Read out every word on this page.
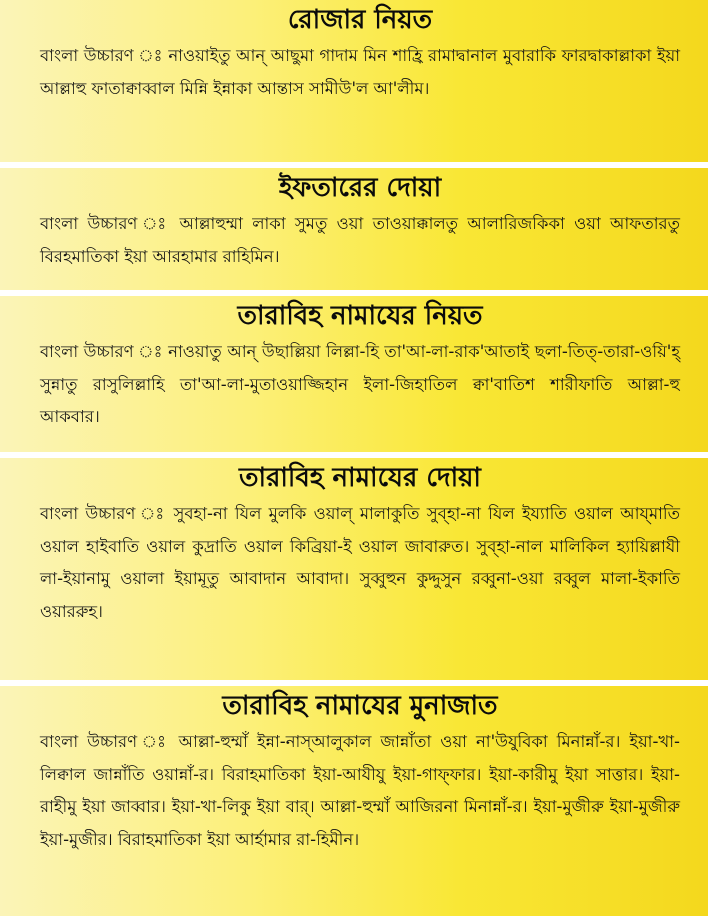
রোজার নিয়ত

বাংলা উচ্চারণ ঃ নাওয়াইতু আন্ আছুমা গাদাম মিন শাহ্রি রামাদ্বানাল মুবারাকি ফারদ্বাকাল্লাকা ইয়া আল্লাহু ফাতাক্বাব্বাল মিন্নি ইন্নাকা আন্তাস সামীউ'ল আ'লীম।

ইফতারের দোয়া

বাংলা উচ্চারণ ঃ আল্লাহুম্মা লাকা সুমতু ওয়া তাওয়াক্কালতু আলারিজকিকা ওয়া আফতারতু বিরহমাতিকা ইয়া আরহামার রাহিমিন।

তারাবিহ নামাযের নিয়ত

বাংলা উচ্চারণ ঃ নাওয়াতু আন্ উছাল্লিয়া লিল্লা-হি তা'আ-লা-রাক'আতাই ছলা-তিত্-তারা-ওয়ি'হ্ সুন্নাতু রাসুলিল্লাহি তা'আ-লা-মুতাওয়াজ্জিহান ইলা-জিহাতিল ক্বা'বাতিশ শারীফাতি আল্লা-হু আকবার।

তারাবিহ নামাযের দোয়া

বাংলা উচ্চারণ ঃ সুবহা-না যিল মুলকি ওয়াল্ মালাকুতি সুব্হা-না যিল ইয্যাতি ওয়াল আয্মাতি ওয়াল হাইবাতি ওয়াল কুদ্রাতি ওয়াল কিব্রিয়া-ই ওয়াল জাবারুত। সুব্হা-নাল মালিকিল হ্যায়িল্লাযী লা-ইয়ানামু ওয়ালা ইয়ামূতু আবাদান আবাদা। সুব্বুহুন কুদ্দুসুন রব্বুনা-ওয়া রব্বুল মালা-ইকাতি ওয়াররুহ।

তারাবিহ নামাযের মুনাজাত

বাংলা উচ্চারণ ঃ আল্লা-হুম্মাঁ ইন্না-নাস্আলুকাল জান্নাঁতা ওয়া না'উযুবিকা মিনান্নাঁ-র। ইয়া-খা-লিক্বাল জান্নাঁতি ওয়ান্নাঁ-র। বিরাহমাতিকা ইয়া-আযীযু ইয়া-গাফ্ফার। ইয়া-কারীমু ইয়া সাত্তার। ইয়া-রাহীমু ইয়া জাব্বার। ইয়া-খা-লিকু ইয়া বার্। আল্লা-হুম্মাঁ আজিরনা মিনান্নাঁ-র। ইয়া-মুজীরু ইয়া-মুজীরু ইয়া-মুজীর। বিরাহমাতিকা ইয়া আর্হামার রা-হিমীন।
